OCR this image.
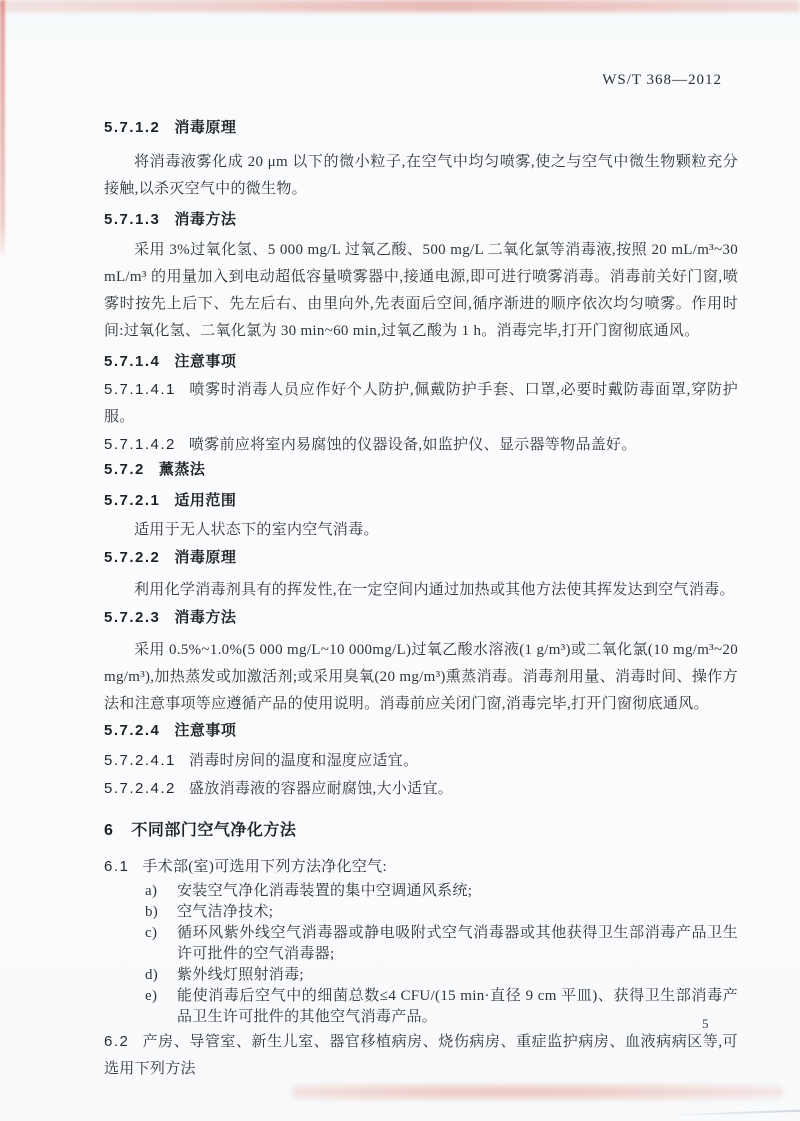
WS/T 368—2012
5.7.1.2 消毒原理

将消毒液雾化成 20 μm 以下的微小粒子,在空气中均匀喷雾,使之与空气中微生物颗粒充分接触,以杀灭空气中的微生物。

5.7.1.3 消毒方法

采用 3%过氧化氢、5 000 mg/L 过氧乙酸、500 mg/L 二氧化氯等消毒液,按照 20 mL/m³~30 mL/m³ 的用量加入到电动超低容量喷雾器中,接通电源,即可进行喷雾消毒。消毒前关好门窗,喷雾时按先上后下、先左后右、由里向外,先表面后空间,循序渐进的顺序依次均匀喷雾。作用时间:过氧化氢、二氧化氯为 30 min~60 min,过氧乙酸为 1 h。消毒完毕,打开门窗彻底通风。

5.7.1.4 注意事项
5.7.1.4.1 喷雾时消毒人员应作好个人防护,佩戴防护手套、口罩,必要时戴防毒面罩,穿防护服。
5.7.1.4.2 喷雾前应将室内易腐蚀的仪器设备,如监护仪、显示器等物品盖好。
5.7.2 薰蒸法
5.7.2.1 适用范围

适用于无人状态下的室内空气消毒。

5.7.2.2 消毒原理

利用化学消毒剂具有的挥发性,在一定空间内通过加热或其他方法使其挥发达到空气消毒。

5.7.2.3 消毒方法

采用 0.5%~1.0%(5 000 mg/L~10 000mg/L)过氧乙酸水溶液(1 g/m³)或二氧化氯(10 mg/m³~20 mg/m³),加热蒸发或加激活剂;或采用臭氧(20 mg/m³)熏蒸消毒。消毒剂用量、消毒时间、操作方法和注意事项等应遵循产品的使用说明。消毒前应关闭门窗,消毒完毕,打开门窗彻底通风。

5.7.2.4 注意事项
5.7.2.4.1 消毒时房间的温度和湿度应适宜。
5.7.2.4.2 盛放消毒液的容器应耐腐蚀,大小适宜。
6 不同部门空气净化方法
6.1 手术部(室)可选用下列方法净化空气:
a)	安装空气净化消毒装置的集中空调通风系统;
b)	空气洁净技术;
c)	循环风紫外线空气消毒器或静电吸附式空气消毒器或其他获得卫生部消毒产品卫生许可批件的空气消毒器;
d)	紫外线灯照射消毒;
e)	能使消毒后空气中的细菌总数≤4 CFU/(15 min·直径 9 cm 平皿)、获得卫生部消毒产品卫生许可批件的其他空气消毒产品。
6.2 产房、导管室、新生儿室、器官移植病房、烧伤病房、重症监护病房、血液病病区等,可选用下列方法
5
